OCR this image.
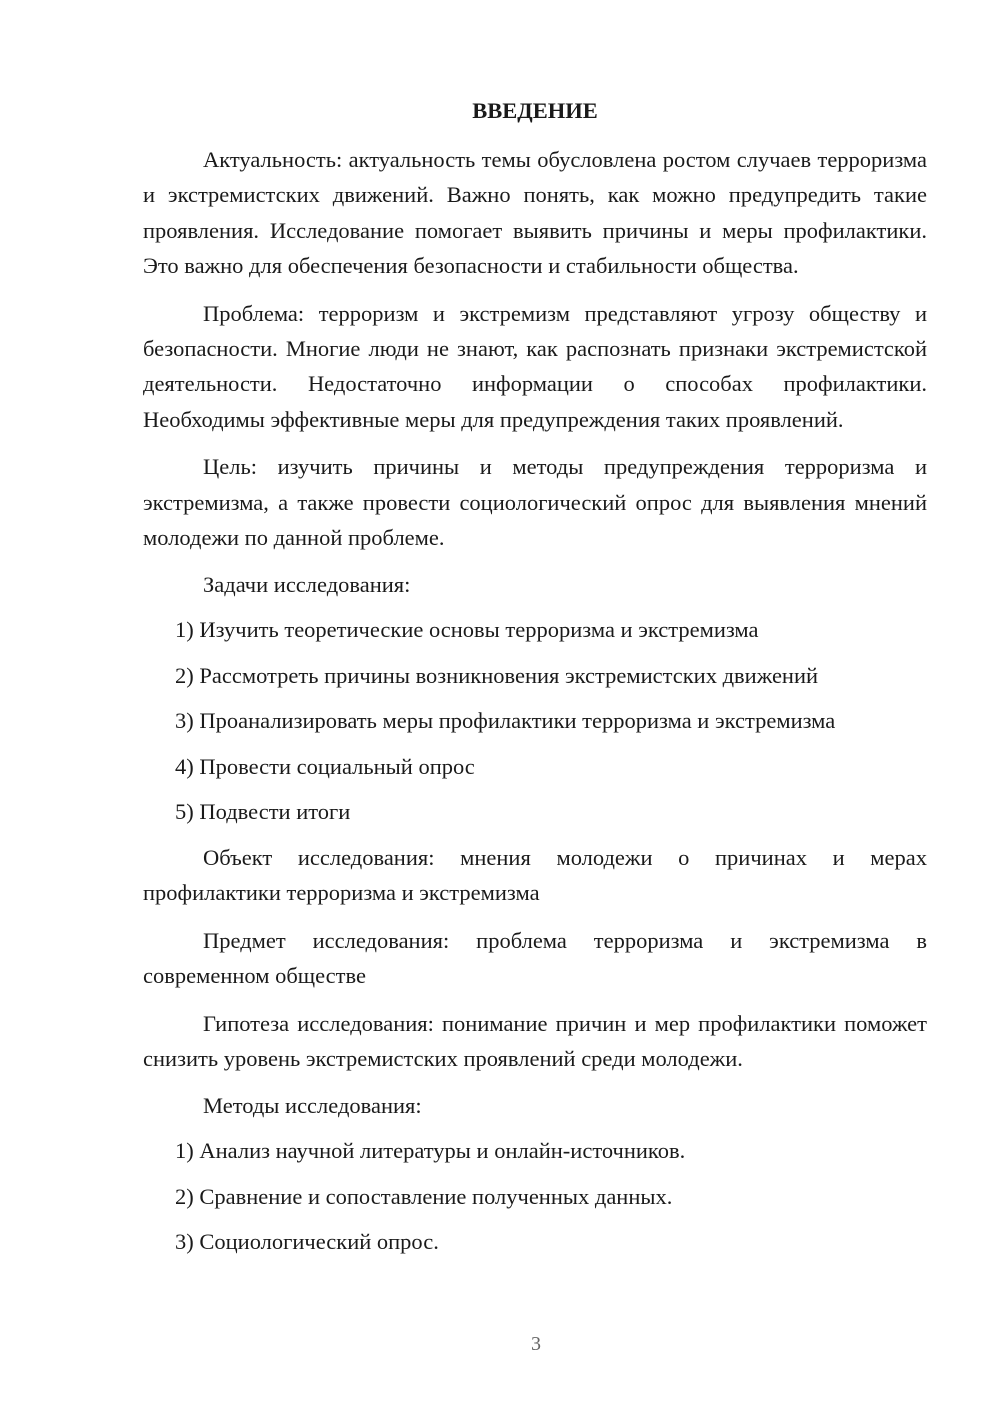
ВВЕДЕНИЕ

Актуальность: актуальность темы обусловлена ростом случаев терроризма и экстремистских движений. Важно понять, как можно предупредить такие проявления. Исследование помогает выявить причины и меры профилактики. Это важно для обеспечения безопасности и стабильности общества.

Проблема: терроризм и экстремизм представляют угрозу обществу и безопасности. Многие люди не знают, как распознать признаки экстремистской деятельности. Недостаточно информации о способах профилактики. Необходимы эффективные меры для предупреждения таких проявлений.

Цель: изучить причины и методы предупреждения терроризма и экстремизма, а также провести социологический опрос для выявления мнений молодежи по данной проблеме.

Задачи исследования:

1) Изучить теоретические основы терроризма и экстремизма
2) Рассмотреть причины возникновения экстремистских движений
3) Проанализировать меры профилактики терроризма и экстремизма
4) Провести социальный опрос
5) Подвести итоги

Объект исследования: мнения молодежи о причинах и мерах профилактики терроризма и экстремизма

Предмет исследования: проблема терроризма и экстремизма в современном обществе

Гипотеза исследования: понимание причин и мер профилактики поможет снизить уровень экстремистских проявлений среди молодежи.

Методы исследования:

1) Анализ научной литературы и онлайн-источников.
2) Сравнение и сопоставление полученных данных.
3) Социологический опрос.
3
